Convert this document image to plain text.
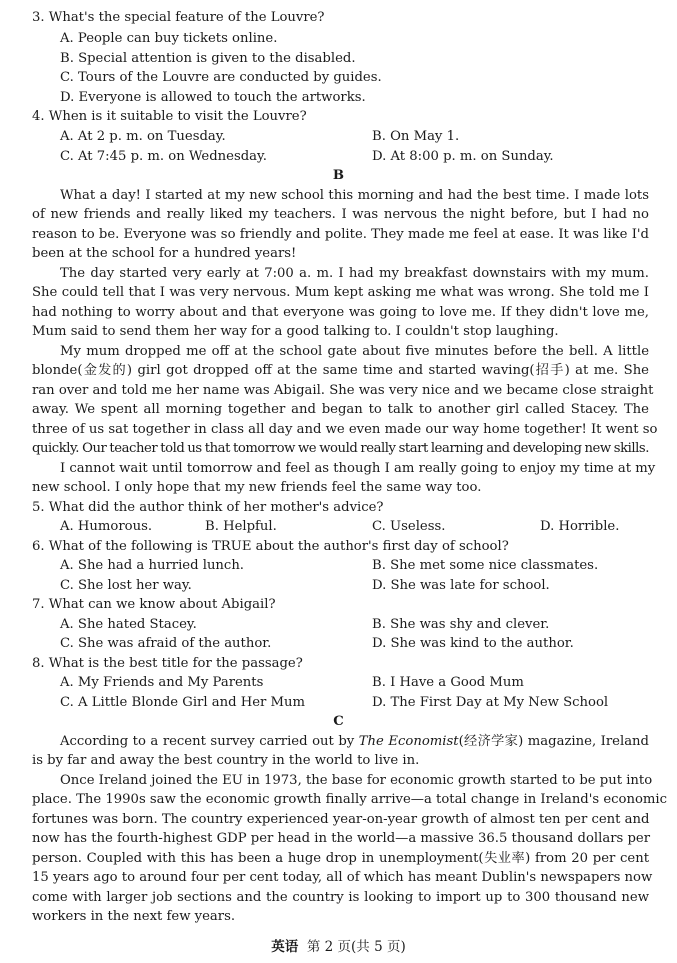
3. What's the special feature of the Louvre?
A. People can buy tickets online.
B. Special attention is given to the disabled.
C. Tours of the Louvre are conducted by guides.
D. Everyone is allowed to touch the artworks.
4. When is it suitable to visit the Louvre?
A. At 2 p. m. on Tuesday.	B. On May 1.
C. At 7:45 p. m. on Wednesday.	D. At 8:00 p. m. on Sunday.
B
What a day! I started at my new school this morning and had the best time. I made lots
of new friends and really liked my teachers. I was nervous the night before, but I had no
reason to be. Everyone was so friendly and polite. They made me feel at ease. It was like I'd
been at the school for a hundred years!
The day started very early at 7:00 a. m. I had my breakfast downstairs with my mum.
She could tell that I was very nervous. Mum kept asking me what was wrong. She told me I
had nothing to worry about and that everyone was going to love me. If they didn't love me,
Mum said to send them her way for a good talking to. I couldn't stop laughing.
My mum dropped me off at the school gate about five minutes before the bell. A little
blonde(金发的) girl got dropped off at the same time and started waving(招手) at me. She
ran over and told me her name was Abigail. She was very nice and we became close straight
away. We spent all morning together and began to talk to another girl called Stacey. The
three of us sat together in class all day and we even made our way home together! It went so
quickly. Our teacher told us that tomorrow we would really start learning and developing new skills.
I cannot wait until tomorrow and feel as though I am really going to enjoy my time at my
new school. I only hope that my new friends feel the same way too.
5. What did the author think of her mother's advice?
A. Humorous.	B. Helpful.	C. Useless.	D. Horrible.
6. What of the following is TRUE about the author's first day of school?
A. She had a hurried lunch.	B. She met some nice classmates.
C. She lost her way.	D. She was late for school.
7. What can we know about Abigail?
A. She hated Stacey.	B. She was shy and clever.
C. She was afraid of the author.	D. She was kind to the author.
8. What is the best title for the passage?
A. My Friends and My Parents	B. I Have a Good Mum
C. A Little Blonde Girl and Her Mum	D. The First Day at My New School
C
According to a recent survey carried out by The Economist(经济学家) magazine, Ireland
is by far and away the best country in the world to live in.
Once Ireland joined the EU in 1973, the base for economic growth started to be put into
place. The 1990s saw the economic growth finally arrive—a total change in Ireland's economic
fortunes was born. The country experienced year-on-year growth of almost ten per cent and
now has the fourth-highest GDP per head in the world—a massive 36.5 thousand dollars per
person. Coupled with this has been a huge drop in unemployment(失业率) from 20 per cent
15 years ago to around four per cent today, all of which has meant Dublin's newspapers now
come with larger job sections and the country is looking to import up to 300 thousand new
workers in the next few years.
英语 第 2 页(共 5 页)
